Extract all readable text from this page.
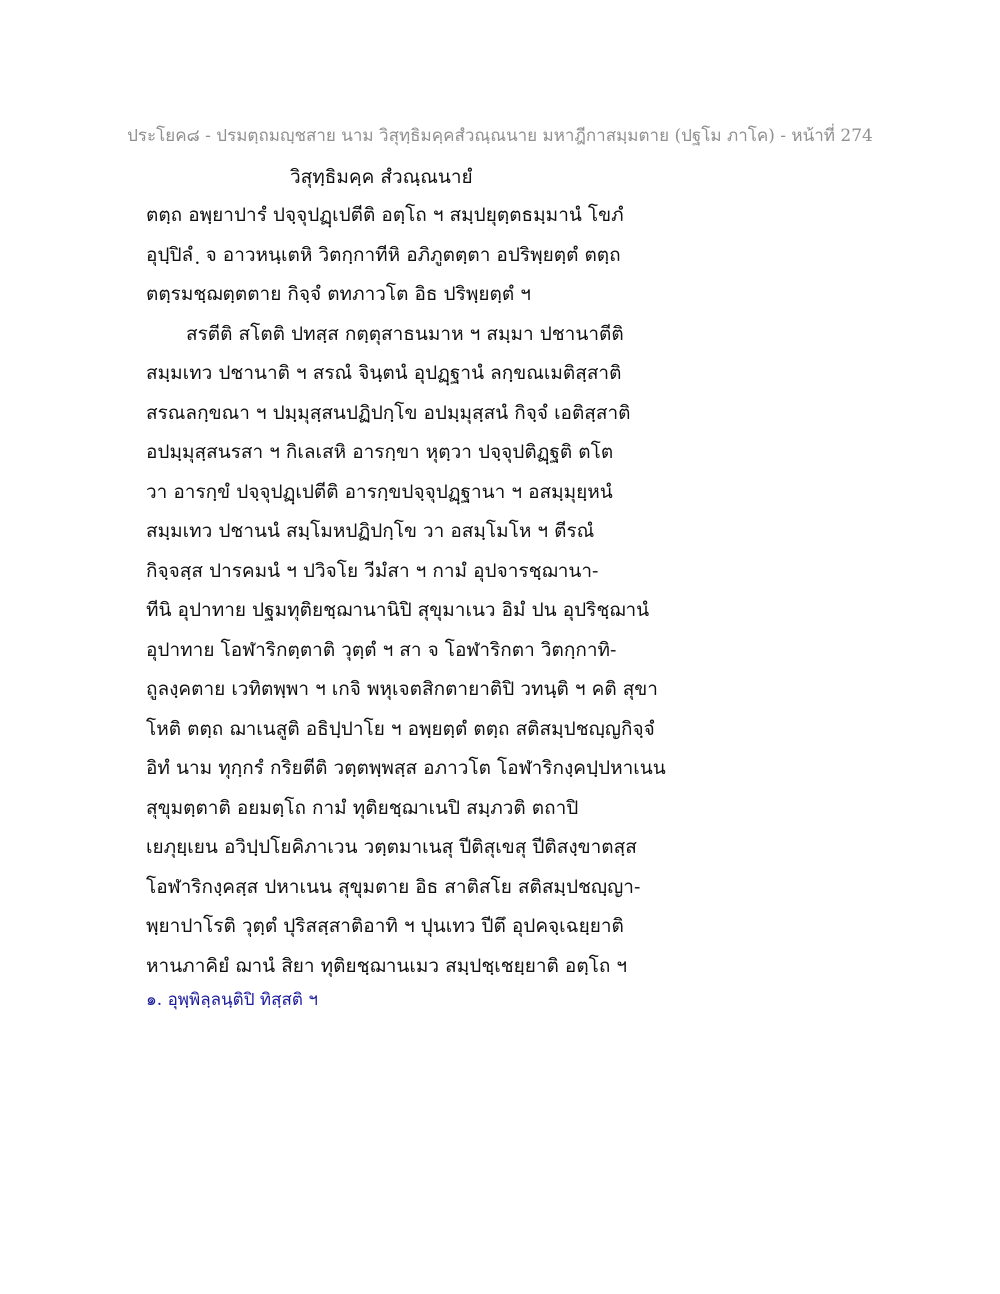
ประโยค๘ - ปรมตฺถมญฺชสาย นาม วิสุทฺธิมคฺคสํวณฺณนาย มหาฎีกาสมฺมตาย (ปฐโม ภาโค) - หน้าที่ 274
วิสุทฺธิมคฺค สํวณฺณนายํ
ตตฺถ อพฺยาปารํ ปจฺจุปฏฺเปตีติ อตฺโถ ฯ สมฺปยุตฺตธมฺมานํ โขภํ
อุปฺปิลํ ฺ จ อาวหนฺเตหิ วิตกฺกาทีหิ อภิภูตตฺตา อปริพฺยตฺตํ ตตฺถ
ตตฺรมชฺฌตฺตตาย กิจฺจํ ตทภาวโต อิธ ปริพฺยตฺตํ ฯ
สรตีติ สโตติ ปทสฺส กตฺตุสาธนมาห ฯ สมฺมา ปชานาตีติ
สมฺมเทว ปชานาติ ฯ สรณํ จินฺตนํ อุปฏฺฐานํ ลกฺขณเมติสฺสาติ
สรณลกฺขณา ฯ ปมฺมุสฺสนปฏิปกฺโข อปมฺมุสฺสนํ กิจฺจํ เอติสฺสาติ
อปมฺมุสฺสนรสา ฯ กิเลเสหิ อารกฺขา หุตฺวา ปจฺจุปติฏฺฐติ ตโต
วา อารกฺขํ ปจฺจุปฏฺเปตีติ อารกฺขปจฺจุปฏฺฐานา ฯ อสมฺมุยฺหนํ
สมฺมเทว ปชานนํ สมฺโมหปฏิปกฺโข วา อสมฺโมโห ฯ ตีรณํ
กิจฺจสฺส ปารคมนํ ฯ ปวิจโย วีมํสา ฯ กามํ อุปจารชฺฌานา-
ทีนิ อุปาทาย ปฐมทุติยชฺฌานานิปิ สุขุมาเนว อิมํ ปน อุปริชฺฌานํ
อุปาทาย โอฬาริกตฺตาติ วุตฺตํ ฯ สา จ โอฬาริกตา วิตกฺกาทิ-
ถูลงฺคตาย เวทิตพฺพา ฯ เกจิ พหุเจตสิกตายาติปิ วทนฺติ ฯ คติ สุขา
โหติ ตตฺถ ฌาเนสูติ อธิปฺปาโย ฯ อพฺยตฺตํ ตตฺถ สติสมฺปชญฺญกิจฺจํ
อิทํ นาม ทุกฺกรํ กริยตีติ วตฺตพฺพสฺส อภาวโต โอฬาริกงฺคปฺปหาเนน
สุขุมตฺตาติ อยมตฺโถ กามํ ทุติยชฺฌาเนปิ สมฺภวติ ตถาปิ
เยภุยฺเยน อวิปฺปโยคิภาเวน วตฺตมาเนสุ ปีติสุเขสุ ปีติสงฺขาตสฺส
โอฬาริกงฺคสฺส ปหาเนน สุขุมตาย อิธ สาติสโย สติสมฺปชญฺญา-
พฺยาปาโรติ วุตฺตํ ปุริสสฺสาติอาทิ ฯ ปุนเทว ปีตึ อุปคจฺเฉยฺยาติ
หานภาคิยํ ฌานํ สิยา ทุติยชฺฌานเมว สมฺปชฺเชยฺยาติ อตฺโถ ฯ
๑. อุพฺพิลฺลนฺติปิ ทิสฺสติ ฯ
